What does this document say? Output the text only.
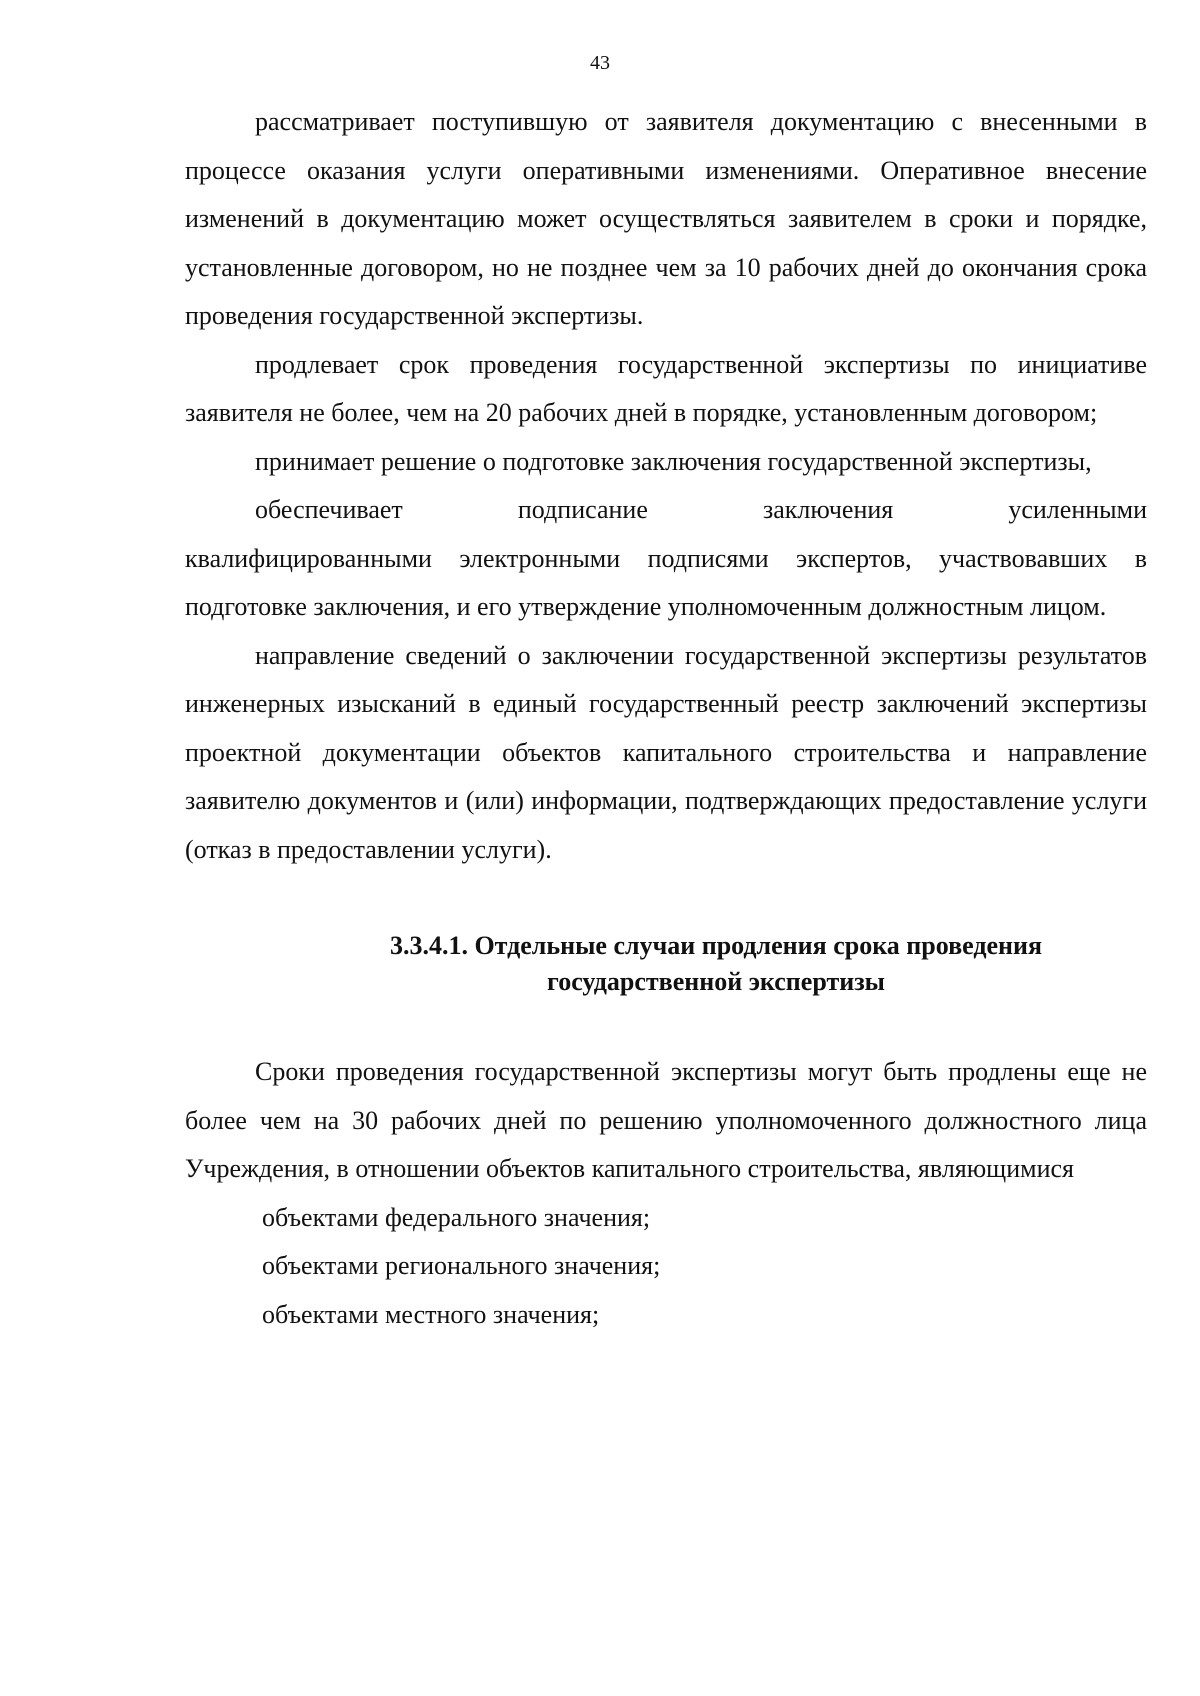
43

рассматривает поступившую от заявителя документацию с внесенными в процессе оказания услуги оперативными изменениями. Оперативное внесение изменений в документацию может осуществляться заявителем в сроки и порядке, установленные договором, но не позднее чем за 10 рабочих дней до окончания срока проведения государственной экспертизы.

продлевает срок проведения государственной экспертизы по инициативе заявителя не более, чем на 20 рабочих дней в порядке, установленным договором;

принимает решение о подготовке заключения государственной экспертизы,

обеспечивает	подписание	заключения	усиленными

квалифицированными электронными подписями экспертов, участвовавших в подготовке заключения, и его утверждение уполномоченным должностным лицом.

направление сведений о заключении государственной экспертизы результатов инженерных изысканий в единый государственный реестр заключений экспертизы проектной документации объектов капитального строительства и направление заявителю документов и (или) информации, подтверждающих предоставление услуги (отказ в предоставлении услуги).

3.3.4.1. Отдельные случаи продления срока проведения
государственной экспертизы

Сроки проведения государственной экспертизы могут быть продлены еще не более чем на 30 рабочих дней по решению уполномоченного должностного лица Учреждения, в отношении объектов капитального строительства, являющимися

объектами федерального значения;
объектами регионального значения;
объектами местного значения;
